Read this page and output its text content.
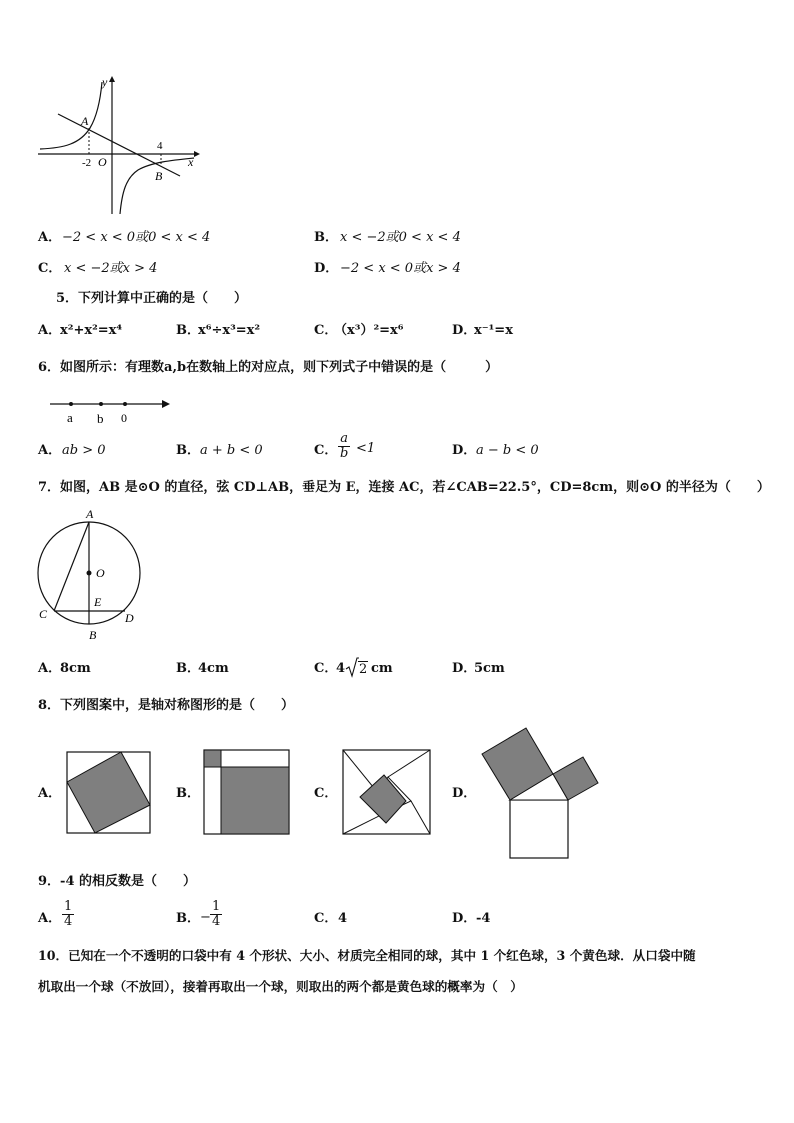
y
x
A
B
O
-2
4
A． −2 < x < 0或0 < x < 4	B． x < −2或0 < x < 4
C． x < −2或x > 4	D． −2 < x < 0或x > 4
5．下列计算中正确的是（　　）
A．
x²+x²=x⁴	B．
x⁶÷x³=x²	C．
（x³）²=x⁶	D．
x⁻¹=x
6．如图所示：有理数a,b在数轴上的对应点，则下列式子中错误的是（　　　）
a b 0
A． ab > 0	B． a + b < 0	C． $\frac{a}{b} <1$	D． a − b < 0
7．如图，AB 是⊙O 的直径，弦 CD⊥AB，垂足为 E，连接 AC，若∠CAB=22.5°，CD=8cm，则⊙O 的半径为（　　）
A
O
E
C	D
B
A．
8cm	B．
4cm	C．
4 2 cm	D．
5cm
8．下列图案中，是轴对称图形的是（　　）
A．	B．	C．	D．
9．-4 的相反数是（　　）
A． $\frac{1}{4}$	B． − $\frac{1}{4}$	C． 4	D． -4
10．已知在一个不透明的口袋中有 4 个形状、大小、材质完全相同的球，其中 1 个红色球，3 个黄色球．从口袋中随
机取出一个球（不放回），接着再取出一个球，则取出的两个都是黄色球的概率为（　）
